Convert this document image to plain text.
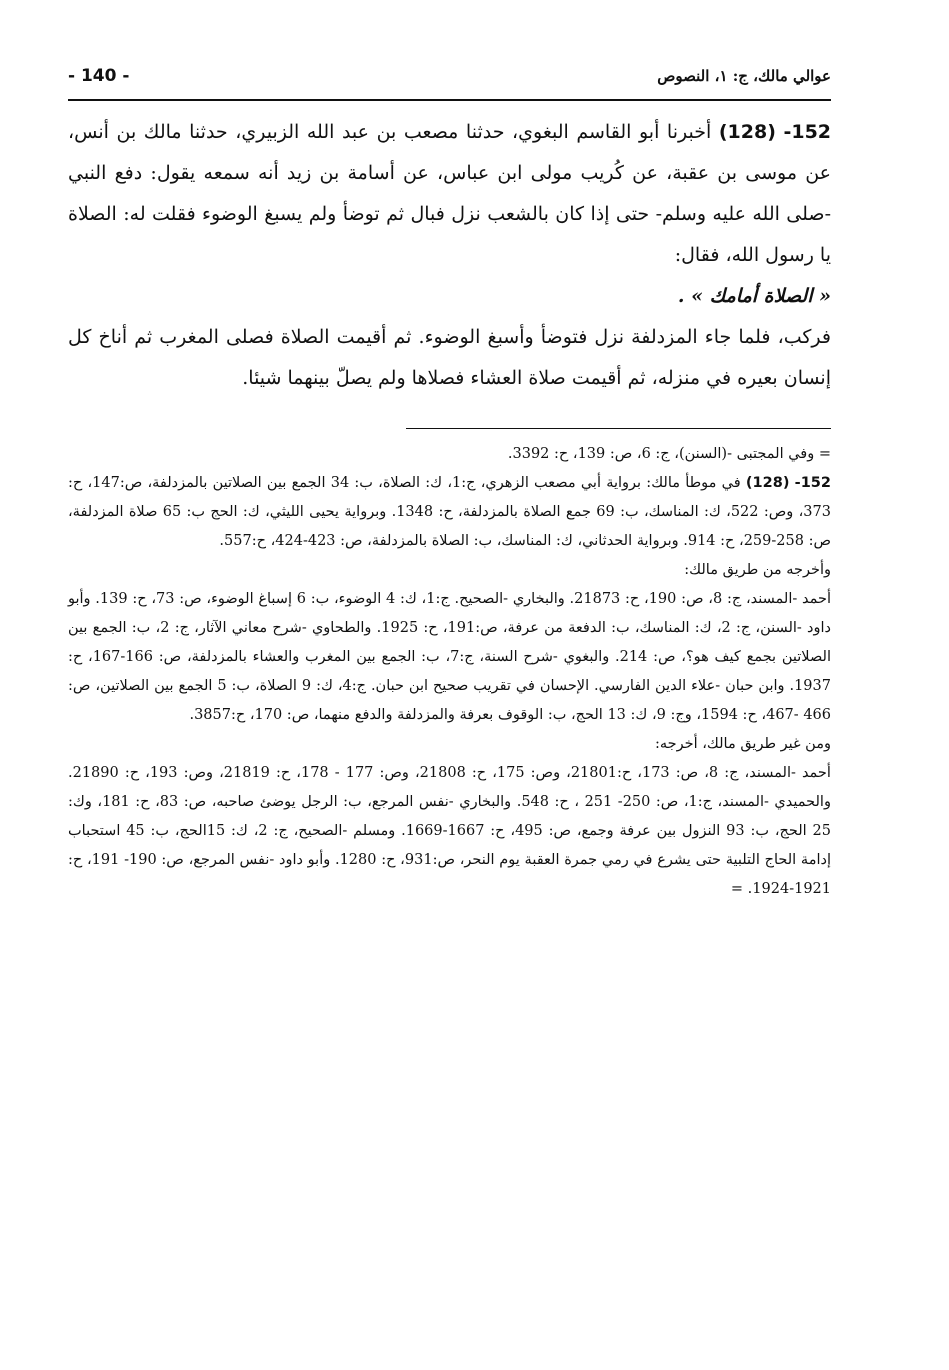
- 140 -	عوالي مالك، ج: ١، النصوص

152- (128) أخبرنا أبو القاسم البغوي، حدثنا مصعب بن عبد الله الزبيري، حدثنا مالك بن أنس، عن موسى بن عقبة، عن كُريب مولى ابن عباس، عن أسامة بن زيد أنه سمعه يقول: دفع النبي -صلى الله عليه وسلم- حتى إذا كان بالشعب نزل فبال ثم توضأ ولم يسبغ الوضوء فقلت له: الصلاة يا رسول الله، فقال:

« الصلاة أمامك » .

فركب، فلما جاء المزدلفة نزل فتوضأ وأسبغ الوضوء. ثم أقيمت الصلاة فصلى المغرب ثم أناخ كل إنسان بعيره في منزله، ثم أقيمت صلاة العشاء فصلاها ولم يصلّ بينهما شيئا.

= وفي المجتبى -(السنن)، ج: 6، ص: 139، ح: 3392.

152- (128) في موطأ مالك: برواية أبي مصعب الزهري، ج:1، ك: الصلاة، ب: 34 الجمع بين الصلاتين بالمزدلفة، ص:147، ح: 373، وص: 522، ك: المناسك، ب: 69 جمع الصلاة بالمزدلفة، ح: 1348. وبرواية يحيى الليثي، ك: الحج ب: 65 صلاة المزدلفة، ص: 258-259، ح: 914. وبرواية الحدثاني، ك: المناسك، ب: الصلاة بالمزدلفة، ص: 423-424، ح:557.

وأخرجه من طريق مالك:

أحمد -المسند، ج: 8، ص: 190، ح: 21873. والبخاري -الصحيح. ج:1، ك: 4 الوضوء، ب: 6 إسباغ الوضوء، ص: 73، ح: 139. وأبو داود -السنن، ج: 2، ك: المناسك، ب: الدفعة من عرفة، ص:191، ح: 1925. والطحاوي -شرح معاني الآثار، ج: 2، ب: الجمع بين الصلاتين بجمع كيف هو؟، ص: 214. والبغوي -شرح السنة، ج:7، ب: الجمع بين المغرب والعشاء بالمزدلفة، ص: 166-167، ح: 1937. وابن حبان -علاء الدين الفارسي. الإحسان في تقريب صحيح ابن حبان. ج:4، ك: 9 الصلاة، ب: 5 الجمع بين الصلاتين، ص: 466 -467، ح: 1594، وج: 9، ك: 13 الحج، ب: الوقوف بعرفة والمزدلفة والدفع منهما، ص: 170، ح:3857.

ومن غير طريق مالك، أخرجه:

أحمد -المسند، ج: 8، ص: 173، ح:21801، وص: 175، ح: 21808، وص: 177 - 178، ح: 21819، وص: 193، ح: 21890. والحميدي -المسند، ج:1، ص: 250- 251 ، ح: 548. والبخاري -نفس المرجع، ب: الرجل يوضئ صاحبه، ص: 83، ح: 181، وك: 25 الحج، ب: 93 النزول بين عرفة وجمع، ص: 495، ح: 1667-1669. ومسلم -الصحيح، ج: 2، ك: 15الحج، ب: 45 استحباب إدامة الحاج التلبية حتى يشرع في رمي جمرة العقبة يوم النحر، ص:931، ح: 1280. وأبو داود -نفس المرجع، ص: 190- 191، ح: 1921-1924. =
